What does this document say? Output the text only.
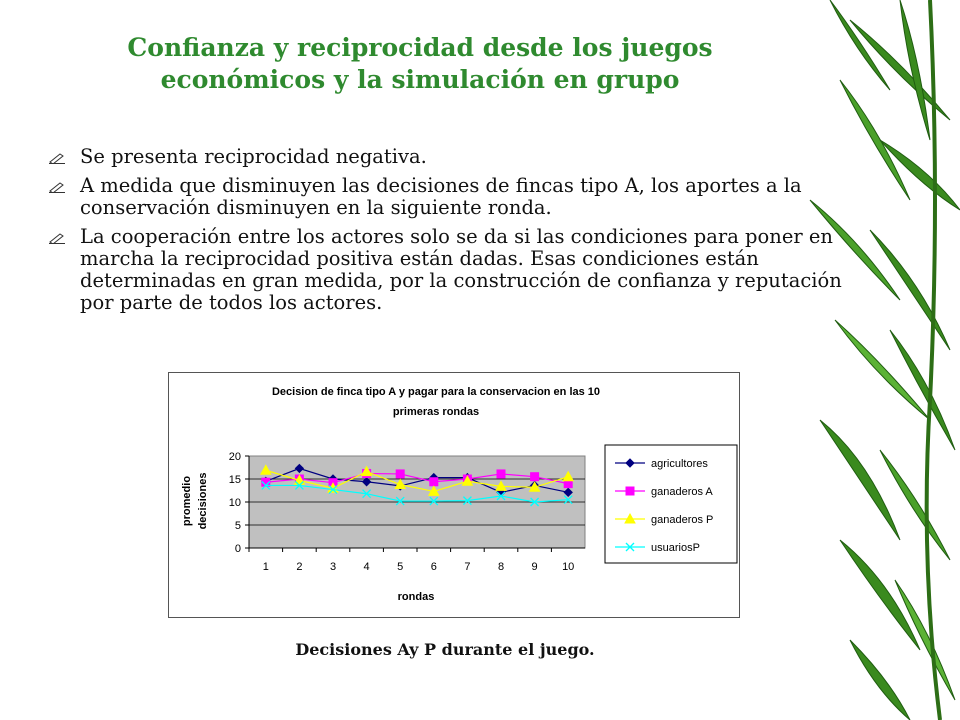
Confianza y reciprocidad desde los juegos económicos y la simulación en grupo
Se presenta reciprocidad negativa.
A medida que disminuyen las decisiones de fincas tipo A, los aportes a la conservación disminuyen en la siguiente ronda.
La cooperación entre los actores solo se da si las condiciones para poner en marcha la reciprocidad positiva están dadas. Esas condiciones están determinadas en gran medida, por la construcción de confianza y reputación por parte de todos los actores.
Decision de finca tipo A y pagar para la conservacion en las 10
primeras rondas
0
5
10
15
20
1 2 3 4 5 6 7 8 9 10
promedio decisiones
rondas
agricultores
ganaderos A
ganaderos P
usuariosP

Decisiones Ay P durante el juego.
